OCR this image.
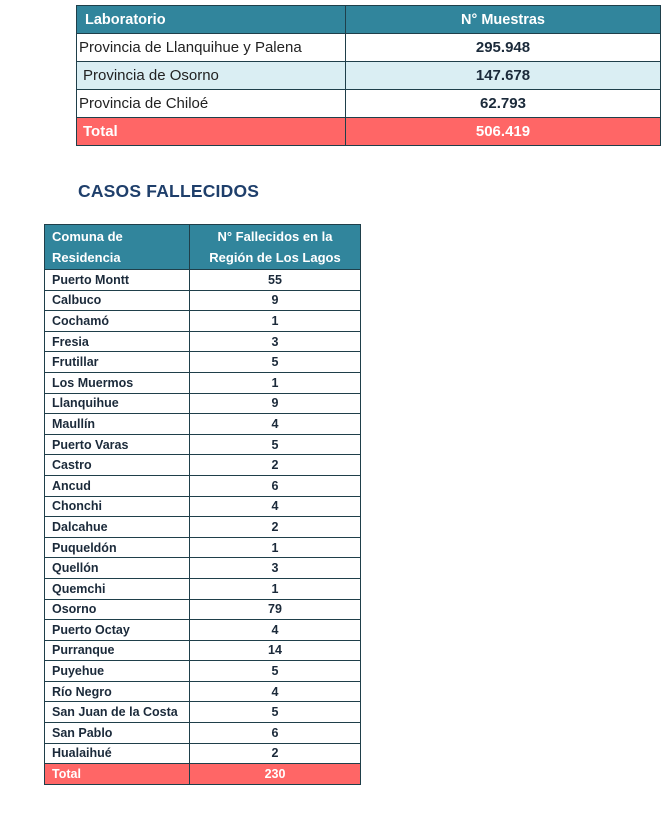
Laboratorio	N° Muestras
Provincia de Llanquihue y Palena	295.948
Provincia de Osorno	147.678
Provincia de Chiloé	62.793
Total	506.419
CASOS FALLECIDOS
Comuna de
Residencia	N° Fallecidos en la
Región de Los Lagos
Puerto Montt	55
Calbuco	9
Cochamó	1
Fresia	3
Frutillar	5
Los Muermos	1
Llanquihue	9
Maullín	4
Puerto Varas	5
Castro	2
Ancud	6
Chonchi	4
Dalcahue	2
Puqueldón	1
Quellón	3
Quemchi	1
Osorno	79
Puerto Octay	4
Purranque	14
Puyehue	5
Río Negro	4
San Juan de la Costa	5
San Pablo	6
Hualaihué	2
Total	230
